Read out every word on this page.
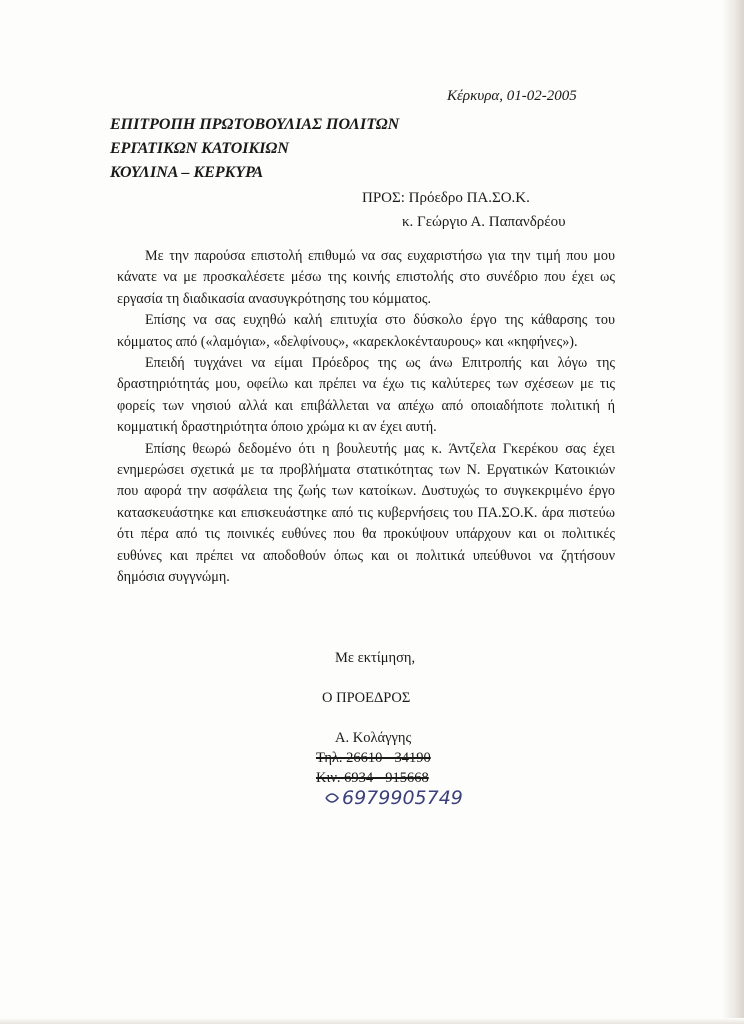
Κέρκυρα, 01-02-2005
ΕΠΙΤΡΟΠΗ ΠΡΩΤΟΒΟΥΛΙΑΣ ΠΟΛΙΤΩΝ
ΕΡΓΑΤΙΚΩΝ ΚΑΤΟΙΚΙΩΝ
ΚΟΥΛΙΝΑ – ΚΕΡΚΥΡΑ
ΠΡΟΣ: Πρόεδρο ΠΑ.ΣΟ.Κ.
κ. Γεώργιο Α. Παπανδρέου

Με την παρούσα επιστολή επιθυμώ να σας ευχαριστήσω για την τιμή που μου κάνατε να με προσκαλέσετε μέσω της κοινής επιστολής στο συνέδριο που έχει ως εργασία τη διαδικασία ανασυγκρότησης του κόμματος.

Επίσης να σας ευχηθώ καλή επιτυχία στο δύσκολο έργο της κάθαρσης του κόμματος από («λαμόγια», «δελφίνους», «καρεκλοκένταυρους» και «κηφήνες»).

Επειδή τυγχάνει να είμαι Πρόεδρος της ως άνω Επιτροπής και λόγω της δραστηριότητάς μου, οφείλω και πρέπει να έχω τις καλύτερες των σχέσεων με τις φορείς των νησιού αλλά και επιβάλλεται να απέχω από οποιαδήποτε πολιτική ή κομματική δραστηριότητα όποιο χρώμα κι αν έχει αυτή.

Επίσης θεωρώ δεδομένο ότι η βουλευτής μας κ. Άντζελα Γκερέκου σας έχει ενημερώσει σχετικά με τα προβλήματα στατικότητας των Ν. Εργατικών Κατοικιών που αφορά την ασφάλεια της ζωής των κατοίκων. Δυστυχώς το συγκεκριμένο έργο κατασκευάστηκε και επισκευάστηκε από τις κυβερνήσεις του ΠΑ.ΣΟ.Κ. άρα πιστεύω ότι πέρα από τις ποινικές ευθύνες που θα προκύψουν υπάρχουν και οι πολιτικές ευθύνες και πρέπει να αποδοθούν όπως και οι πολιτικά υπεύθυνοι να ζητήσουν δημόσια συγγνώμη.

Με εκτίμηση,
Ο ΠΡΟΕΔΡΟΣ
Α. Κολάγγης
Τηλ. 26610 - 34190
Κιν. 6934 - 915668
6979905749
